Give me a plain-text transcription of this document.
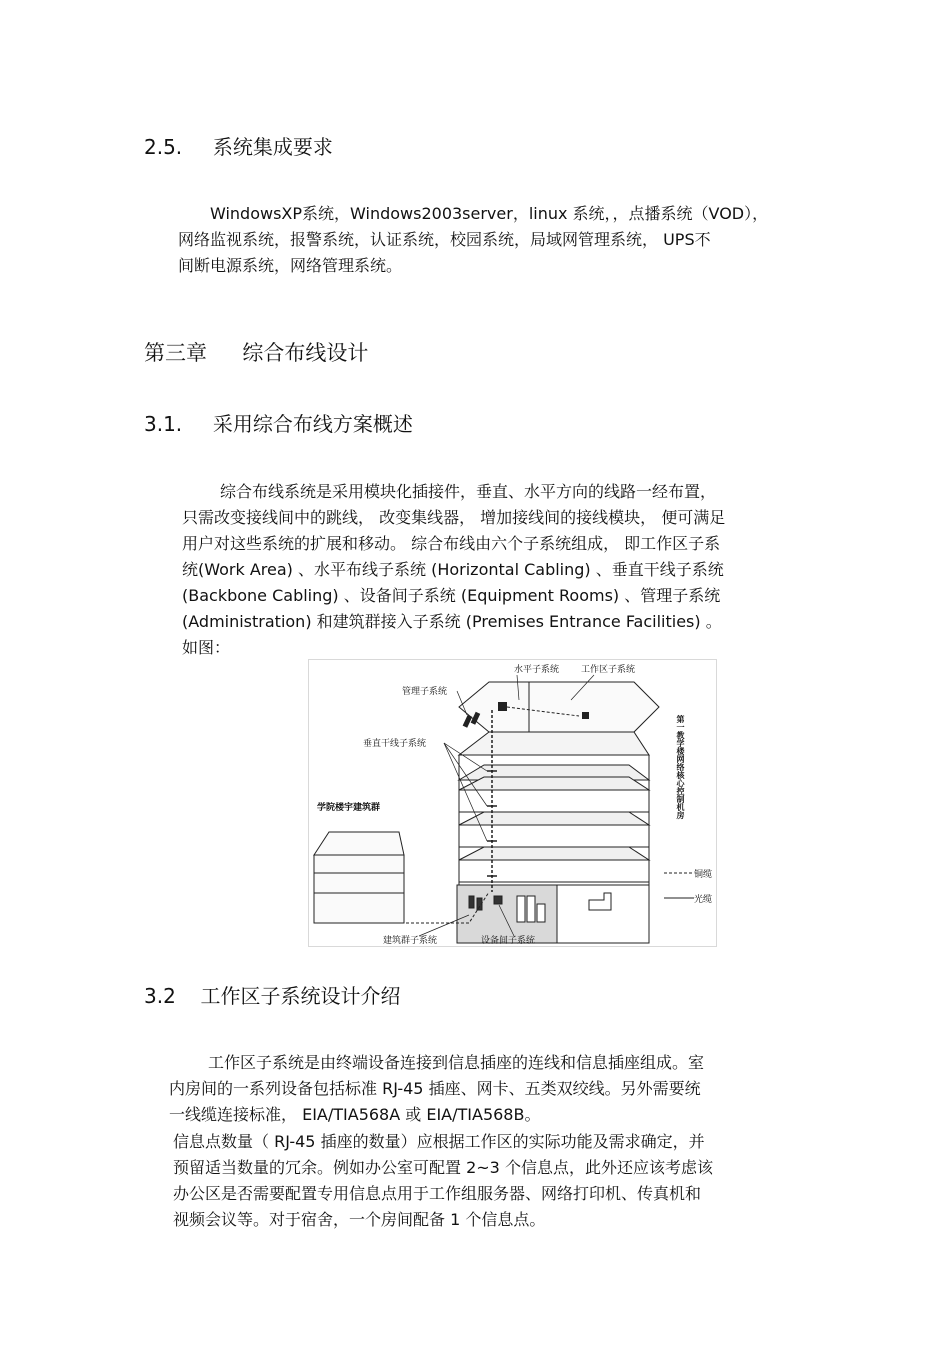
2.5. 系统集成要求
WindowsXP系统，Windows2003server，linux 系统，，点播系统（VOD），
网络监视系统，报警系统，认证系统，校园系统，局域网管理系统， UPS不
间断电源系统，网络管理系统。
第三章 综合布线设计
3.1. 采用综合布线方案概述
综合布线系统是采用模块化插接件，垂直、水平方向的线路一经布置，
只需改变接线间中的跳线， 改变集线器， 增加接线间的接线模块， 便可满足
用户对这些系统的扩展和移动。 综合布线由六个子系统组成， 即工作区子系
统(Work Area) 、水平布线子系统 (Horizontal Cabling) 、垂直干线子系统
(Backbone Cabling) 、设备间子系统 (Equipment Rooms) 、管理子系统
(Administration) 和建筑群接入子系统 (Premises Entrance Facilities) 。
如图：
水平子系统 工作区子系统
管理子系统
垂直干线子系统
学院楼宇建筑群
铜缆
光缆
建筑群子系统	设备间子系统
第一教学楼网络核心控制机房
3.2 工作区子系统设计介绍
工作区子系统是由终端设备连接到信息插座的连线和信息插座组成。室
内房间的一系列设备包括标准 RJ-45 插座、网卡、五类双绞线。另外需要统
一线缆连接标准， EIA/TIA568A 或 EIA/TIA568B。
信息点数量（ RJ-45 插座的数量）应根据工作区的实际功能及需求确定，并
预留适当数量的冗余。例如办公室可配置 2~3 个信息点，此外还应该考虑该
办公区是否需要配置专用信息点用于工作组服务器、网络打印机、传真机和
视频会议等。对于宿舍，一个房间配备 1 个信息点。
